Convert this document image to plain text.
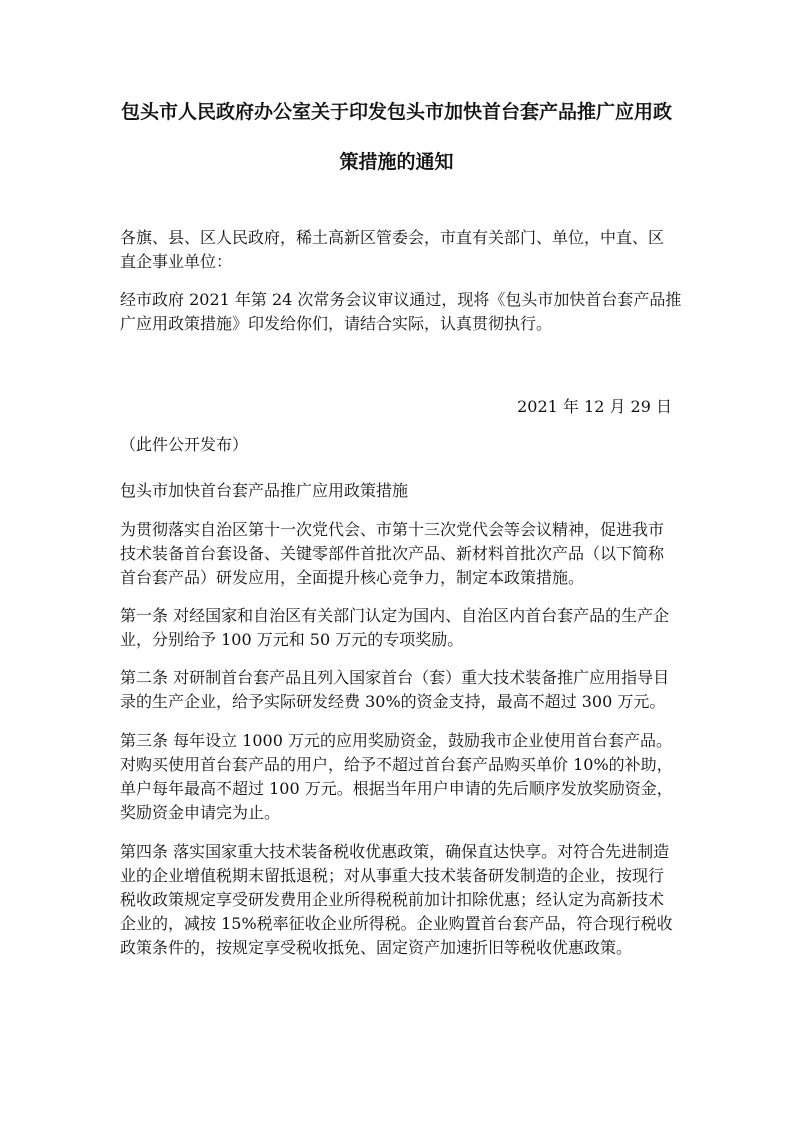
包头市人民政府办公室关于印发包头市加快首台套产品推广应用政
策措施的通知
各旗、县、区人民政府，稀土高新区管委会，市直有关部门、单位，中直、区
直企事业单位：
经市政府 2021 年第 24 次常务会议审议通过，现将《包头市加快首台套产品推
广应用政策措施》印发给你们，请结合实际，认真贯彻执行。
2021 年 12 月 29 日
（此件公开发布）
包头市加快首台套产品推广应用政策措施
为贯彻落实自治区第十一次党代会、市第十三次党代会等会议精神，促进我市
技术装备首台套设备、关键零部件首批次产品、新材料首批次产品（以下简称
首台套产品）研发应用，全面提升核心竞争力，制定本政策措施。
第一条 对经国家和自治区有关部门认定为国内、自治区内首台套产品的生产企
业，分别给予 100 万元和 50 万元的专项奖励。
第二条 对研制首台套产品且列入国家首台（套）重大技术装备推广应用指导目
录的生产企业，给予实际研发经费 30%的资金支持，最高不超过 300 万元。
第三条 每年设立 1000 万元的应用奖励资金，鼓励我市企业使用首台套产品。
对购买使用首台套产品的用户，给予不超过首台套产品购买单价 10%的补助，
单户每年最高不超过 100 万元。根据当年用户申请的先后顺序发放奖励资金，
奖励资金申请完为止。
第四条 落实国家重大技术装备税收优惠政策，确保直达快享。对符合先进制造
业的企业增值税期末留抵退税；对从事重大技术装备研发制造的企业，按现行
税收政策规定享受研发费用企业所得税税前加计扣除优惠；经认定为高新技术
企业的，减按 15%税率征收企业所得税。企业购置首台套产品，符合现行税收
政策条件的，按规定享受税收抵免、固定资产加速折旧等税收优惠政策。
